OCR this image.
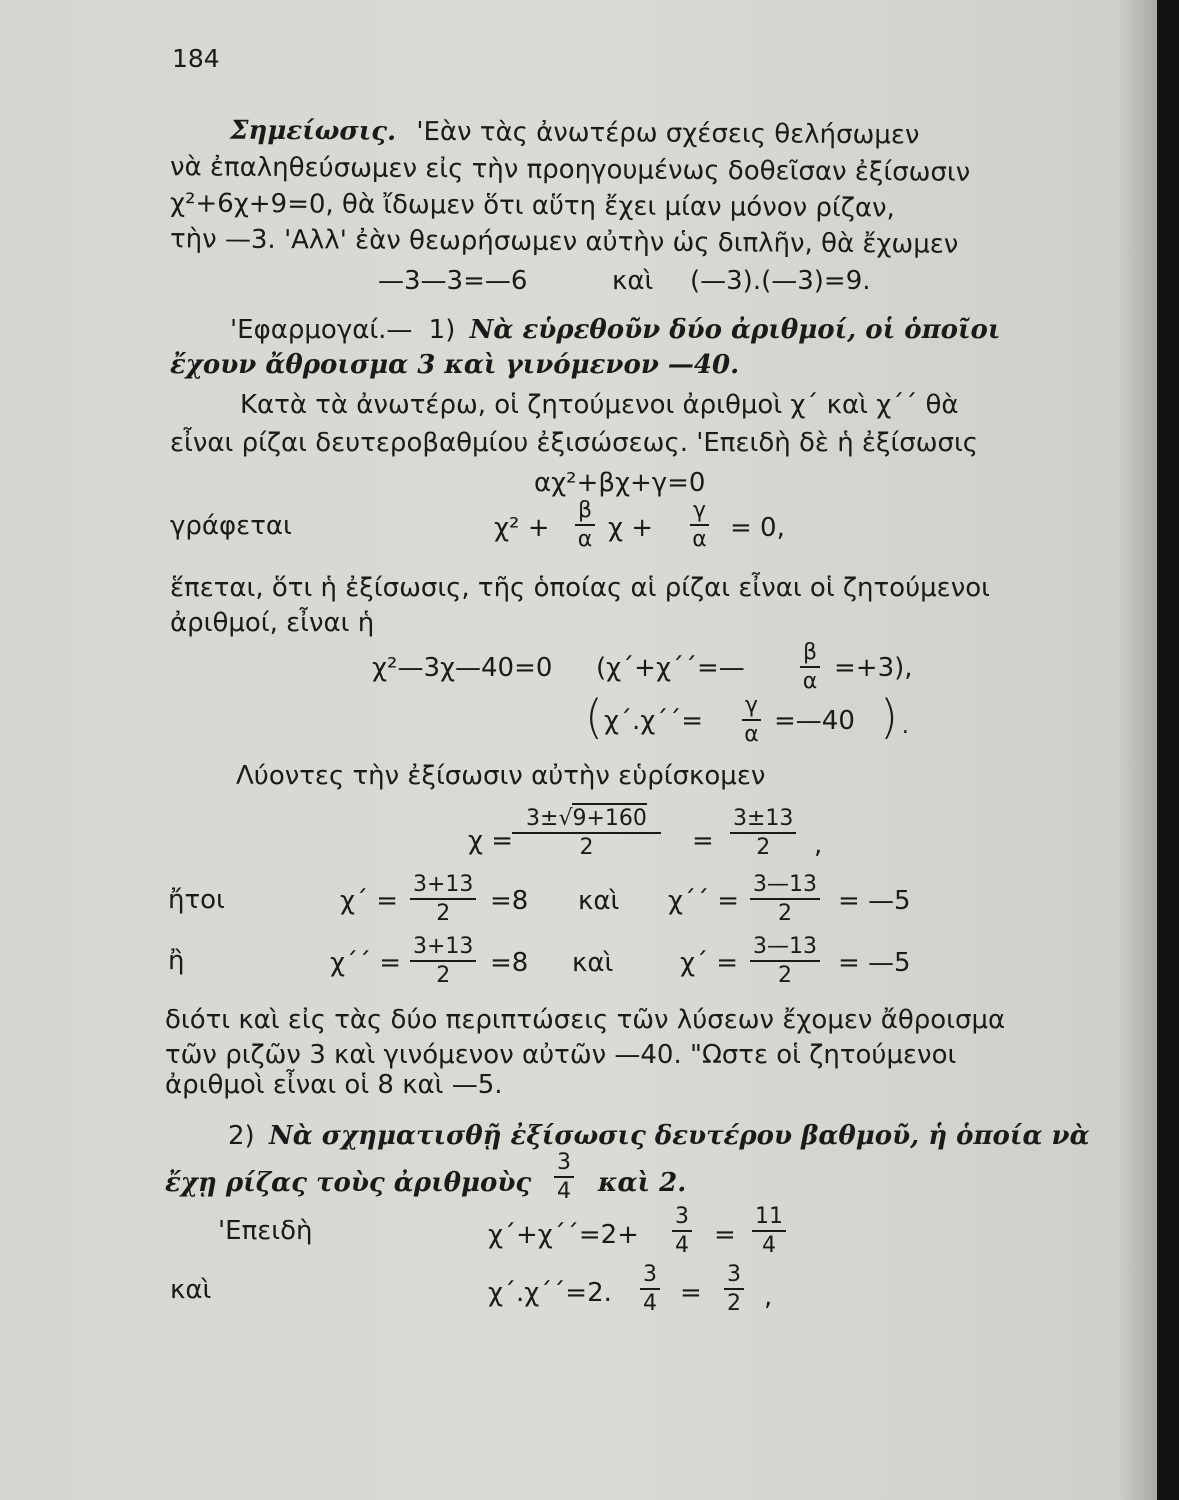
184
Σημείωσις. 'Εὰν τὰς ἀνωτέρω σχέσεις θελήσωμεν
νὰ ἐπαληθεύσωμεν εἰς τὴν προηγουμένως δοθεῖσαν ἐξίσωσιν
χ²+6χ+9=0, θὰ ἴδωμεν ὅτι αὕτη ἔχει μίαν μόνον ρίζαν,
τὴν —3. 'Αλλ' ἐὰν θεωρήσωμεν αὐτὴν ὡς διπλῆν, θὰ ἔχωμεν
—3—3=—6	καὶ (—3).(—3)=9.
'Εφαρμογαί.— 1) Νὰ εὑρεθοῦν δύο ἀριθμοί, οἱ ὁποῖοι
ἔχουν ἄθροισμα 3 καὶ γινόμενον —40.
Κατὰ τὰ ἀνωτέρω, οἱ ζητούμενοι ἀριθμοὶ χ΄ καὶ χ΄΄ θὰ
εἶναι ρίζαι δευτεροβαθμίου ἐξισώσεως. 'Επειδὴ δὲ ἡ ἐξίσωσις
αχ²+βχ+γ=0
γράφεται	$\chi^2 + \frac{\beta}{\alpha}$ $\chi + \frac{\gamma}{\alpha} = 0$,
ἕπεται, ὅτι ἡ ἐξίσωσις, τῆς ὁποίας αἱ ρίζαι εἶναι οἱ ζητούμενοι
ἀριθμοί, εἶναι ἡ
χ²—3χ—40=0 (χ΄+χ΄΄=—	$\frac{\beta}{\alpha} =+3$),
( $\chi΄.\chi΄΄= \frac{\gamma}{\alpha}$ =—40 ).
Λύοντες τὴν ἐξίσωσιν αὐτὴν εὑρίσκομεν
χ =
$\frac{3\pm√9+160}{2} = \frac{3\pm 13}{2}$ ,
ἤτοι	$\chi΄ = \frac{3+13}{2} =8$ καὶ $\chi΄΄ = \frac{3—13}{2}$ = —5
ἢ	$\chi΄΄ = \frac{3+13}{2} =8$ καὶ	$\chi΄ = \frac{3—13}{2}$ = —5
διότι καὶ εἰς τὰς δύο περιπτώσεις τῶν λύσεων ἔχομεν ἄθροισμα
τῶν ριζῶν 3 καὶ γινόμενον αὐτῶν —40. "Ωστε οἱ ζητούμενοι
ἀριθμοὶ εἶναι οἱ 8 καὶ —5.
2) Νὰ σχηματισθῇ ἐξίσωσις δευτέρου βαθμοῦ, ἡ ὁποία νὰ
ἔχῃ ρίζας τοὺς ἀριθμοὺς $\frac{3}{4}$ καὶ 2.
'Επειδὴ	$\chi΄+\chi΄΄=2+ \frac{3}{4} = \frac{11}{4}$
καὶ	χ΄.χ΄΄=2. $\frac{3}{4} = \frac{3}{2}$ ,
